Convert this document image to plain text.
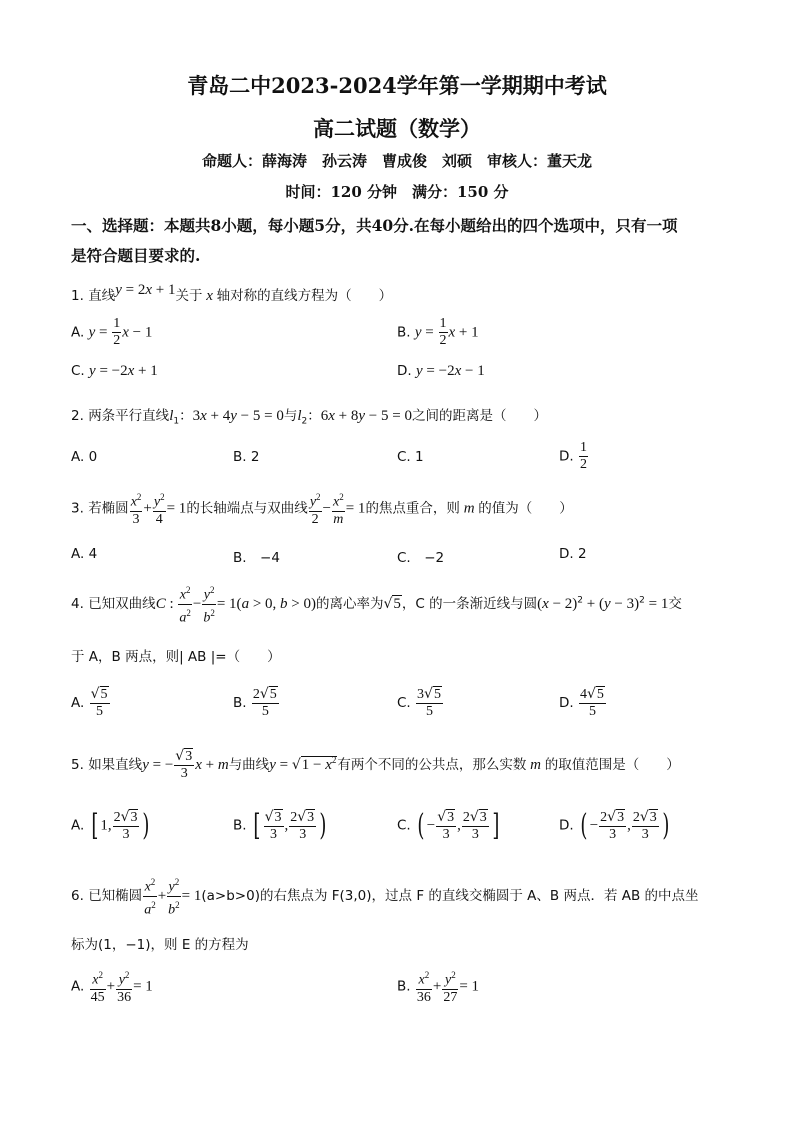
青岛二中2023-2024学年第一学期期中考试
高二试题（数学）
命题人：薛海涛　孙云涛　曹成俊　刘硕　审核人：董天龙
时间：120 分钟　满分：150 分
一、选择题：本题共8小题，每小题5分，共40分.在每小题给出的四个选项中，只有一项
是符合题目要求的.
1. 直线y = 2x + 1关于 x 轴对称的直线方程为（　　）
A. $y = \frac{1}{2}$ x − 1	B. $y = \frac{1}{2}$ x + 1
C. y = −2x + 1	D. y = −2x − 1
2. 两条平行直线$l_1$：3x + 4y − 5 = 0与$l_2$：6x + 8y − 5 = 0之间的距离是（　　）
A. 0	B. 2	C. 1	D. $\frac{1}{2}$
3. 若椭圆 $\frac{x^2}{3} + \frac{y^2}{4} = 1$的长轴端点与双曲线 $\frac{y^2}{2} - \frac{x^2}{m} = 1$的焦点重合，则 m 的值为（　　）
A. 4	B.　−4	C.　−2	D. 2
4. 已知双曲线C : $\frac{x^2}{a^2} - \frac{y^2}{b^2} = 1(a > 0$, b > 0)的离心率为√5，C 的一条渐近线与圆$(x - 2)^2 + (y - 3)^2 = 1$交
于 A，B 两点，则| AB |=（　　）
A. $\frac{√5}{5}$	B. $\frac{2√5}{5}$	C. $\frac{3√5}{5}$	D. $\frac{4√5}{5}$
5. 如果直线y = − $\frac{√3}{3}$ x + m与曲线$y = √1 - x^2$有两个不同的公共点，那么实数 m 的取值范围是（　　）
A. [ 1, $\frac{2√3}{3}$ )	B. [ $\frac{√3}{3}$ , $\frac{2√3}{3}$ )	C. ( − $\frac{√3}{3}$ , $\frac{2√3}{3}$ ]	D. ( − $\frac{2√3}{3}$ , $\frac{2√3}{3}$ )
6. 已知椭圆 $\frac{x^2}{a^2} + \frac{y^2}{b^2} = 1(a>b>0)$的右焦点为 F(3,0)，过点 F 的直线交椭圆于 A、B 两点．若 AB 的中点坐
标为(1，−1)，则 E 的方程为
A. $\frac{x^2}{45} + \frac{y^2}{36} = 1$	B. $\frac{x^2}{36} + \frac{y^2}{27} = 1$
